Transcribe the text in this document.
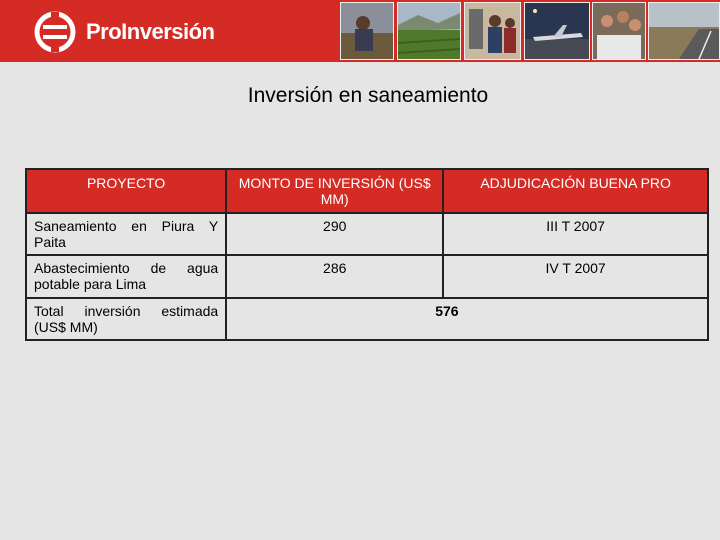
ProInversión
Inversión en saneamiento
PROYECTO	MONTO DE INVERSIÓN (US$ MM)	ADJUDICACIÓN BUENA PRO
Saneamiento en Piura Y Paita	290	III T 2007
Abastecimiento de agua potable para Lima	286	IV T 2007
Total inversión estimada (US$ MM)	576	
